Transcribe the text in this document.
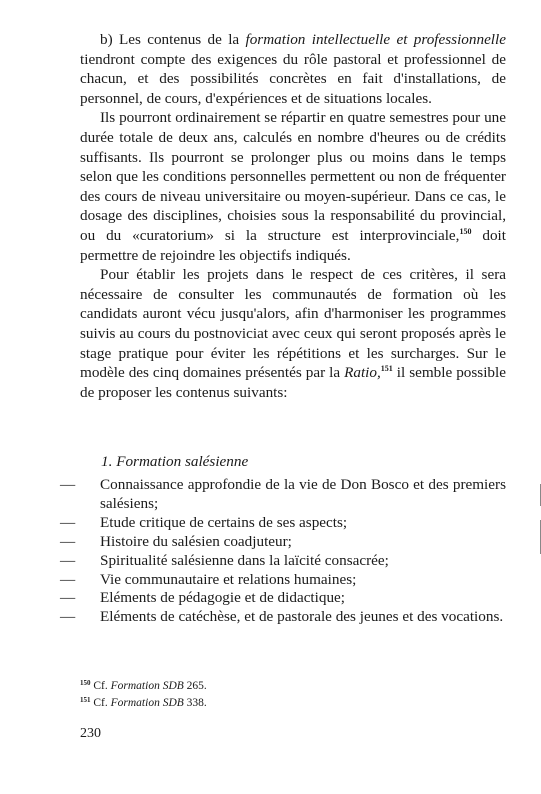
b) Les contenus de la formation intellectuelle et professionnelle tiendront compte des exigences du rôle pastoral et professionnel de chacun, et des possibilités concrètes en fait d'installations, de personnel, de cours, d'expériences et de situations locales.

Ils pourront ordinairement se répartir en quatre semestres pour une durée totale de deux ans, calculés en nombre d'heures ou de crédits suffisants. Ils pourront se prolonger plus ou moins dans le temps selon que les conditions personnelles permettent ou non de fréquenter des cours de niveau universitaire ou moyen-supérieur. Dans ce cas, le dosage des disciplines, choisies sous la responsabilité du provincial, ou du «curatorium» si la structure est interprovinciale,$^{150}$ doit permettre de rejoindre les objectifs indiqués.

Pour établir les projets dans le respect de ces critères, il sera nécessaire de consulter les communautés de formation où les candidats auront vécu jusqu'alors, afin d'harmoniser les programmes suivis au cours du postnoviciat avec ceux qui seront proposés après le stage pratique pour éviter les répétitions et les surcharges. Sur le modèle des cinq domaines présentés par la Ratio,$^{151}$ il semble possible de proposer les contenus suivants:

1. Formation salésienne
—	Connaissance approfondie de la vie de Don Bosco et des premiers salésiens;
—	Etude critique de certains de ses aspects;
—	Histoire du salésien coadjuteur;
—	Spiritualité salésienne dans la laïcité consacrée;
—	Vie communautaire et relations humaines;
—	Eléments de pédagogie et de didactique;
—	Eléments de catéchèse, et de pastorale des jeunes et des vocations.
$^{150}$ Cf. Formation SDB 265.
$^{151}$ Cf. Formation SDB 338.
230
